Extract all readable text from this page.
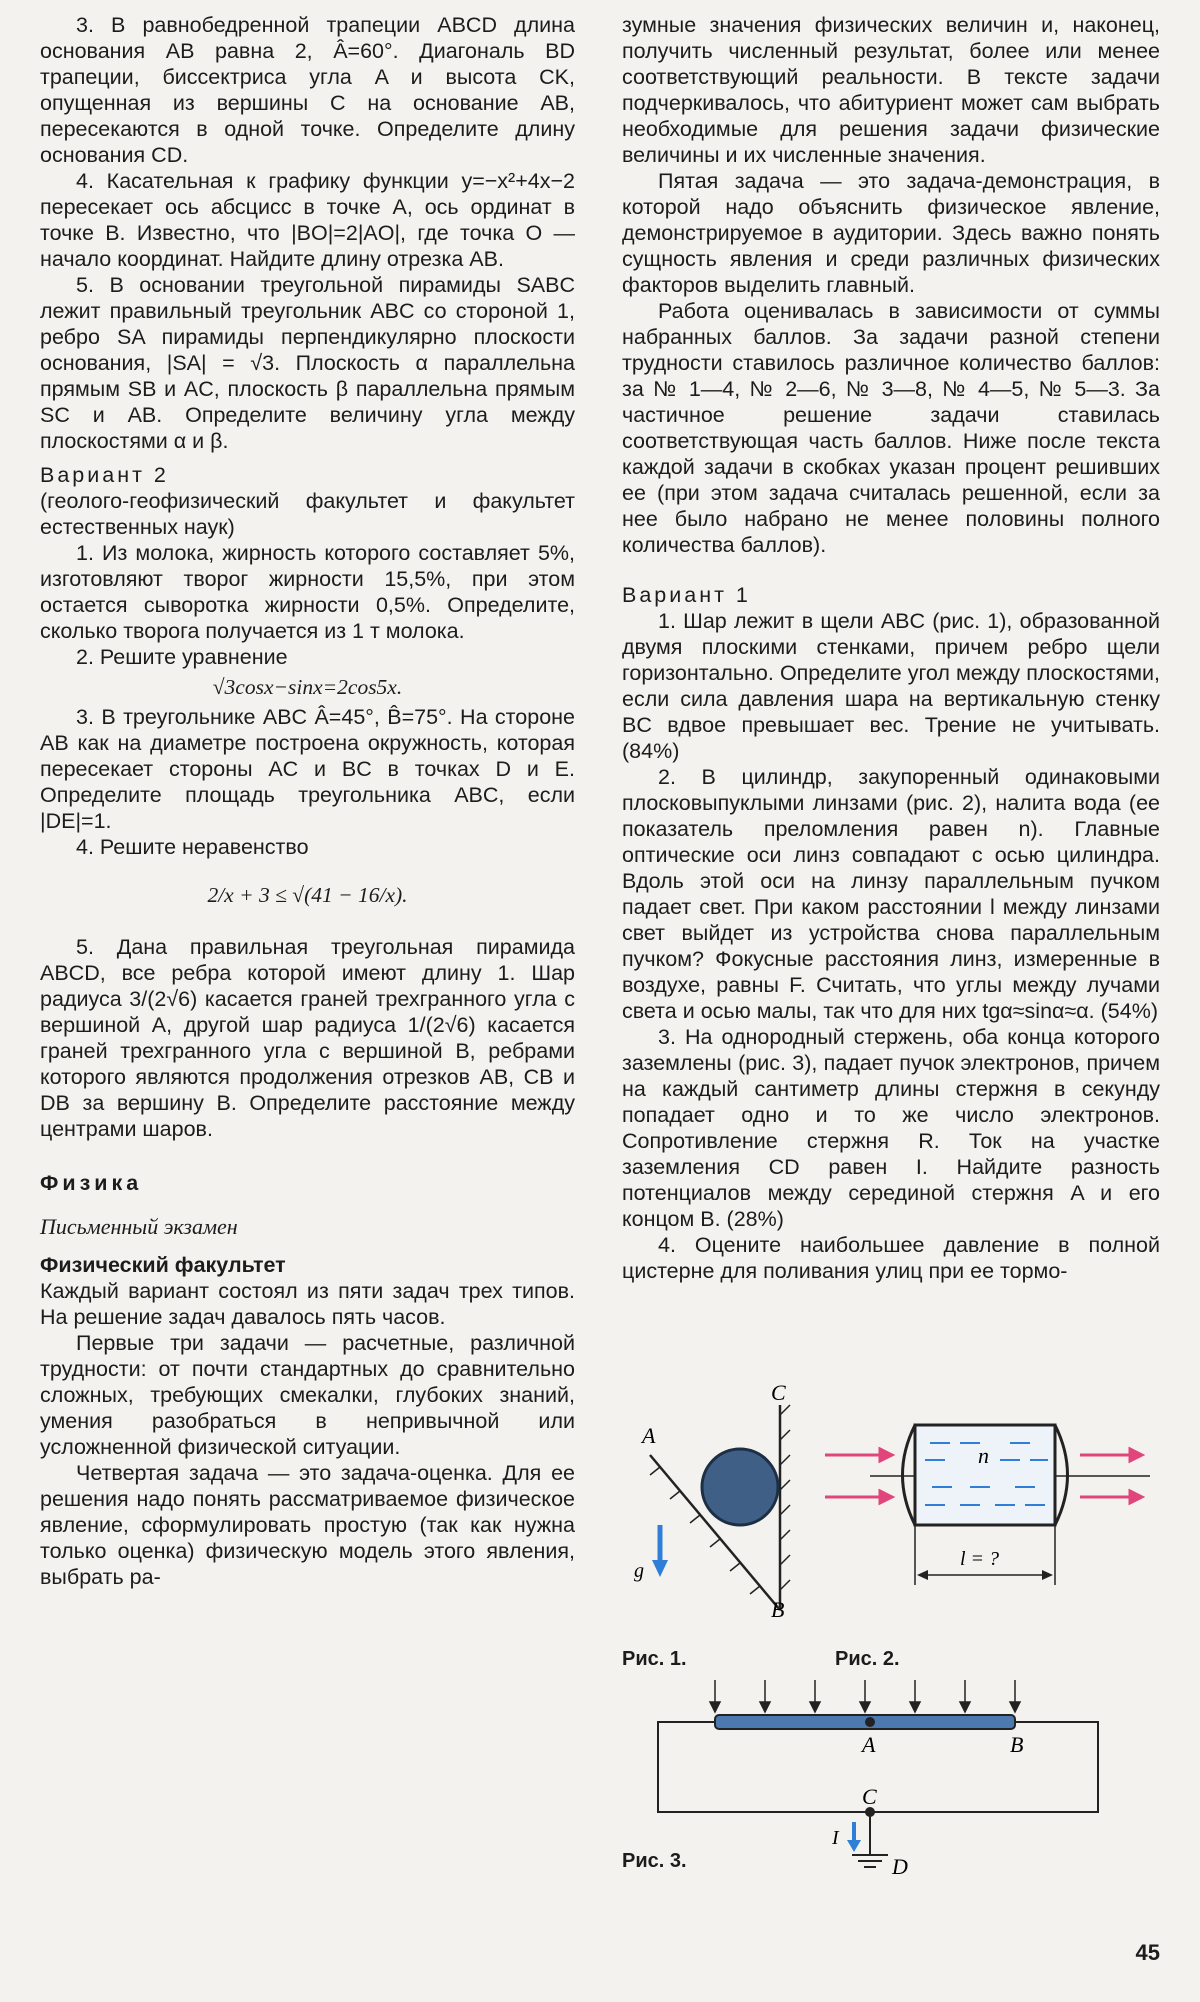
3. В равнобедренной трапеции ABCD длина основания AB равна 2, Â=60°. Диагональ BD трапеции, биссектриса угла A и высота CK, опущенная из вершины C на основание AB, пересекаются в одной точке. Определите длину основания CD.

4. Касательная к графику функции y=−x²+4x−2 пересекает ось абсцисс в точке A, ось ординат в точке B. Известно, что |BO|=2|AO|, где точка O — начало координат. Найдите длину отрезка AB.

5. В основании треугольной пирамиды SABC лежит правильный треугольник ABC со стороной 1, ребро SA пирамиды перпендикулярно плоскости основания, |SA| = √3. Плоскость α параллельна прямым SB и AC, плоскость β параллельна прямым SC и AB. Определите величину угла между плоскостями α и β.

Вариант 2

(геолого-геофизический факультет и факультет естественных наук)

1. Из молока, жирность которого составляет 5%, изготовляют творог жирности 15,5%, при этом остается сыворотка жирности 0,5%. Определите, сколько творога получается из 1 т молока.

2. Решите уравнение

√3cosx−sinx=2cos5x.

3. В треугольнике ABC Â=45°, B̂=75°. На стороне AB как на диаметре построена окружность, которая пересекает стороны AC и BC в точках D и E. Определите площадь треугольника ABC, если |DE|=1.

4. Решите неравенство

2/x + 3 ≤ √(41 − 16/x).

5. Дана правильная треугольная пирамида ABCD, все ребра которой имеют длину 1. Шар радиуса 3/(2√6) касается граней трехгранного угла с вершиной A, другой шар радиуса 1/(2√6) касается граней трехгранного угла с вершиной B, ребрами которого являются продолжения отрезков AB, CB и DB за вершину B. Определите расстояние между центрами шаров.

Физика

Письменный экзамен

Физический факультет

Каждый вариант состоял из пяти задач трех типов. На решение задач давалось пять часов.

Первые три задачи — расчетные, различной трудности: от почти стандартных до сравнительно сложных, требующих смекалки, глубоких знаний, умения разобраться в непривычной или усложненной физической ситуации.

Четвертая задача — это задача-оценка. Для ее решения надо понять рассматриваемое физическое явление, сформулировать простую (так как нужна только оценка) физическую модель этого явления, выбрать ра-

зумные значения физических величин и, наконец, получить численный результат, более или менее соответствующий реальности. В тексте задачи подчеркивалось, что абитуриент может сам выбрать необходимые для решения задачи физические величины и их численные значения.

Пятая задача — это задача-демонстрация, в которой надо объяснить физическое явление, демонстрируемое в аудитории. Здесь важно понять сущность явления и среди различных физических факторов выделить главный.

Работа оценивалась в зависимости от суммы набранных баллов. За задачи разной степени трудности ставилось различное количество баллов: за № 1—4, № 2—6, № 3—8, № 4—5, № 5—3. За частичное решение задачи ставилась соответствующая часть баллов. Ниже после текста каждой задачи в скобках указан процент решивших ее (при этом задача считалась решенной, если за нее было набрано не менее половины полного количества баллов).

Вариант 1

1. Шар лежит в щели ABC (рис. 1), образованной двумя плоскими стенками, причем ребро щели горизонтально. Определите угол между плоскостями, если сила давления шара на вертикальную стенку BC вдвое превышает вес. Трение не учитывать. (84%)

2. В цилиндр, закупоренный одинаковыми плосковыпуклыми линзами (рис. 2), налита вода (ее показатель преломления равен n). Главные оптические оси линз совпадают с осью цилиндра. Вдоль этой оси на линзу параллельным пучком падает свет. При каком расстоянии l между линзами свет выйдет из устройства снова параллельным пучком? Фокусные расстояния линз, измеренные в воздухе, равны F. Считать, что углы между лучами света и осью малы, так что для них tgα≈sinα≈α. (54%)

3. На однородный стержень, оба конца которого заземлены (рис. 3), падает пучок электронов, причем на каждый сантиметр длины стержня в секунду попадает одно и то же число электронов. Сопротивление стержня R. Ток на участке заземления CD равен I. Найдите разность потенциалов между серединой стержня A и его концом B. (28%)

4. Оцените наибольшее давление в полной цистерне для поливания улиц при ее тормо-

A
C
B
g⃗
n
l = ?
A	B
C
I
D
Рис. 1.	Рис. 2.
Рис. 3.
45
